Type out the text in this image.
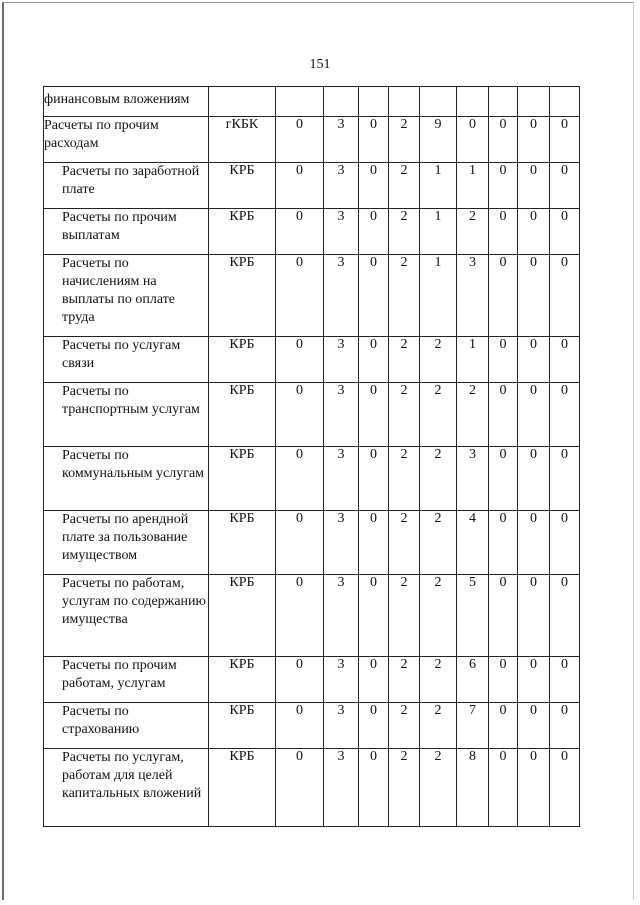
151
финансовым вложениям										
Расчеты по прочим расходам	гКБК	0	3	0	2	9	0	0	0	0
Расчеты по заработной плате	КРБ	0	3	0	2	1	1	0	0	0
Расчеты по прочим выплатам	КРБ	0	3	0	2	1	2	0	0	0
Расчеты по начислениям на выплаты по оплате труда	КРБ	0	3	0	2	1	3	0	0	0
Расчеты по услугам связи	КРБ	0	3	0	2	2	1	0	0	0
Расчеты по транспортным услугам	КРБ	0	3	0	2	2	2	0	0	0
Расчеты по коммунальным услугам	КРБ	0	3	0	2	2	3	0	0	0
Расчеты по арендной плате за пользование имуществом	КРБ	0	3	0	2	2	4	0	0	0
Расчеты по работам, услугам по содержанию имущества	КРБ	0	3	0	2	2	5	0	0	0
Расчеты по прочим работам, услугам	КРБ	0	3	0	2	2	6	0	0	0
Расчеты по страхованию	КРБ	0	3	0	2	2	7	0	0	0
Расчеты по услугам, работам для целей капитальных вложений	КРБ	0	3	0	2	2	8	0	0	0
